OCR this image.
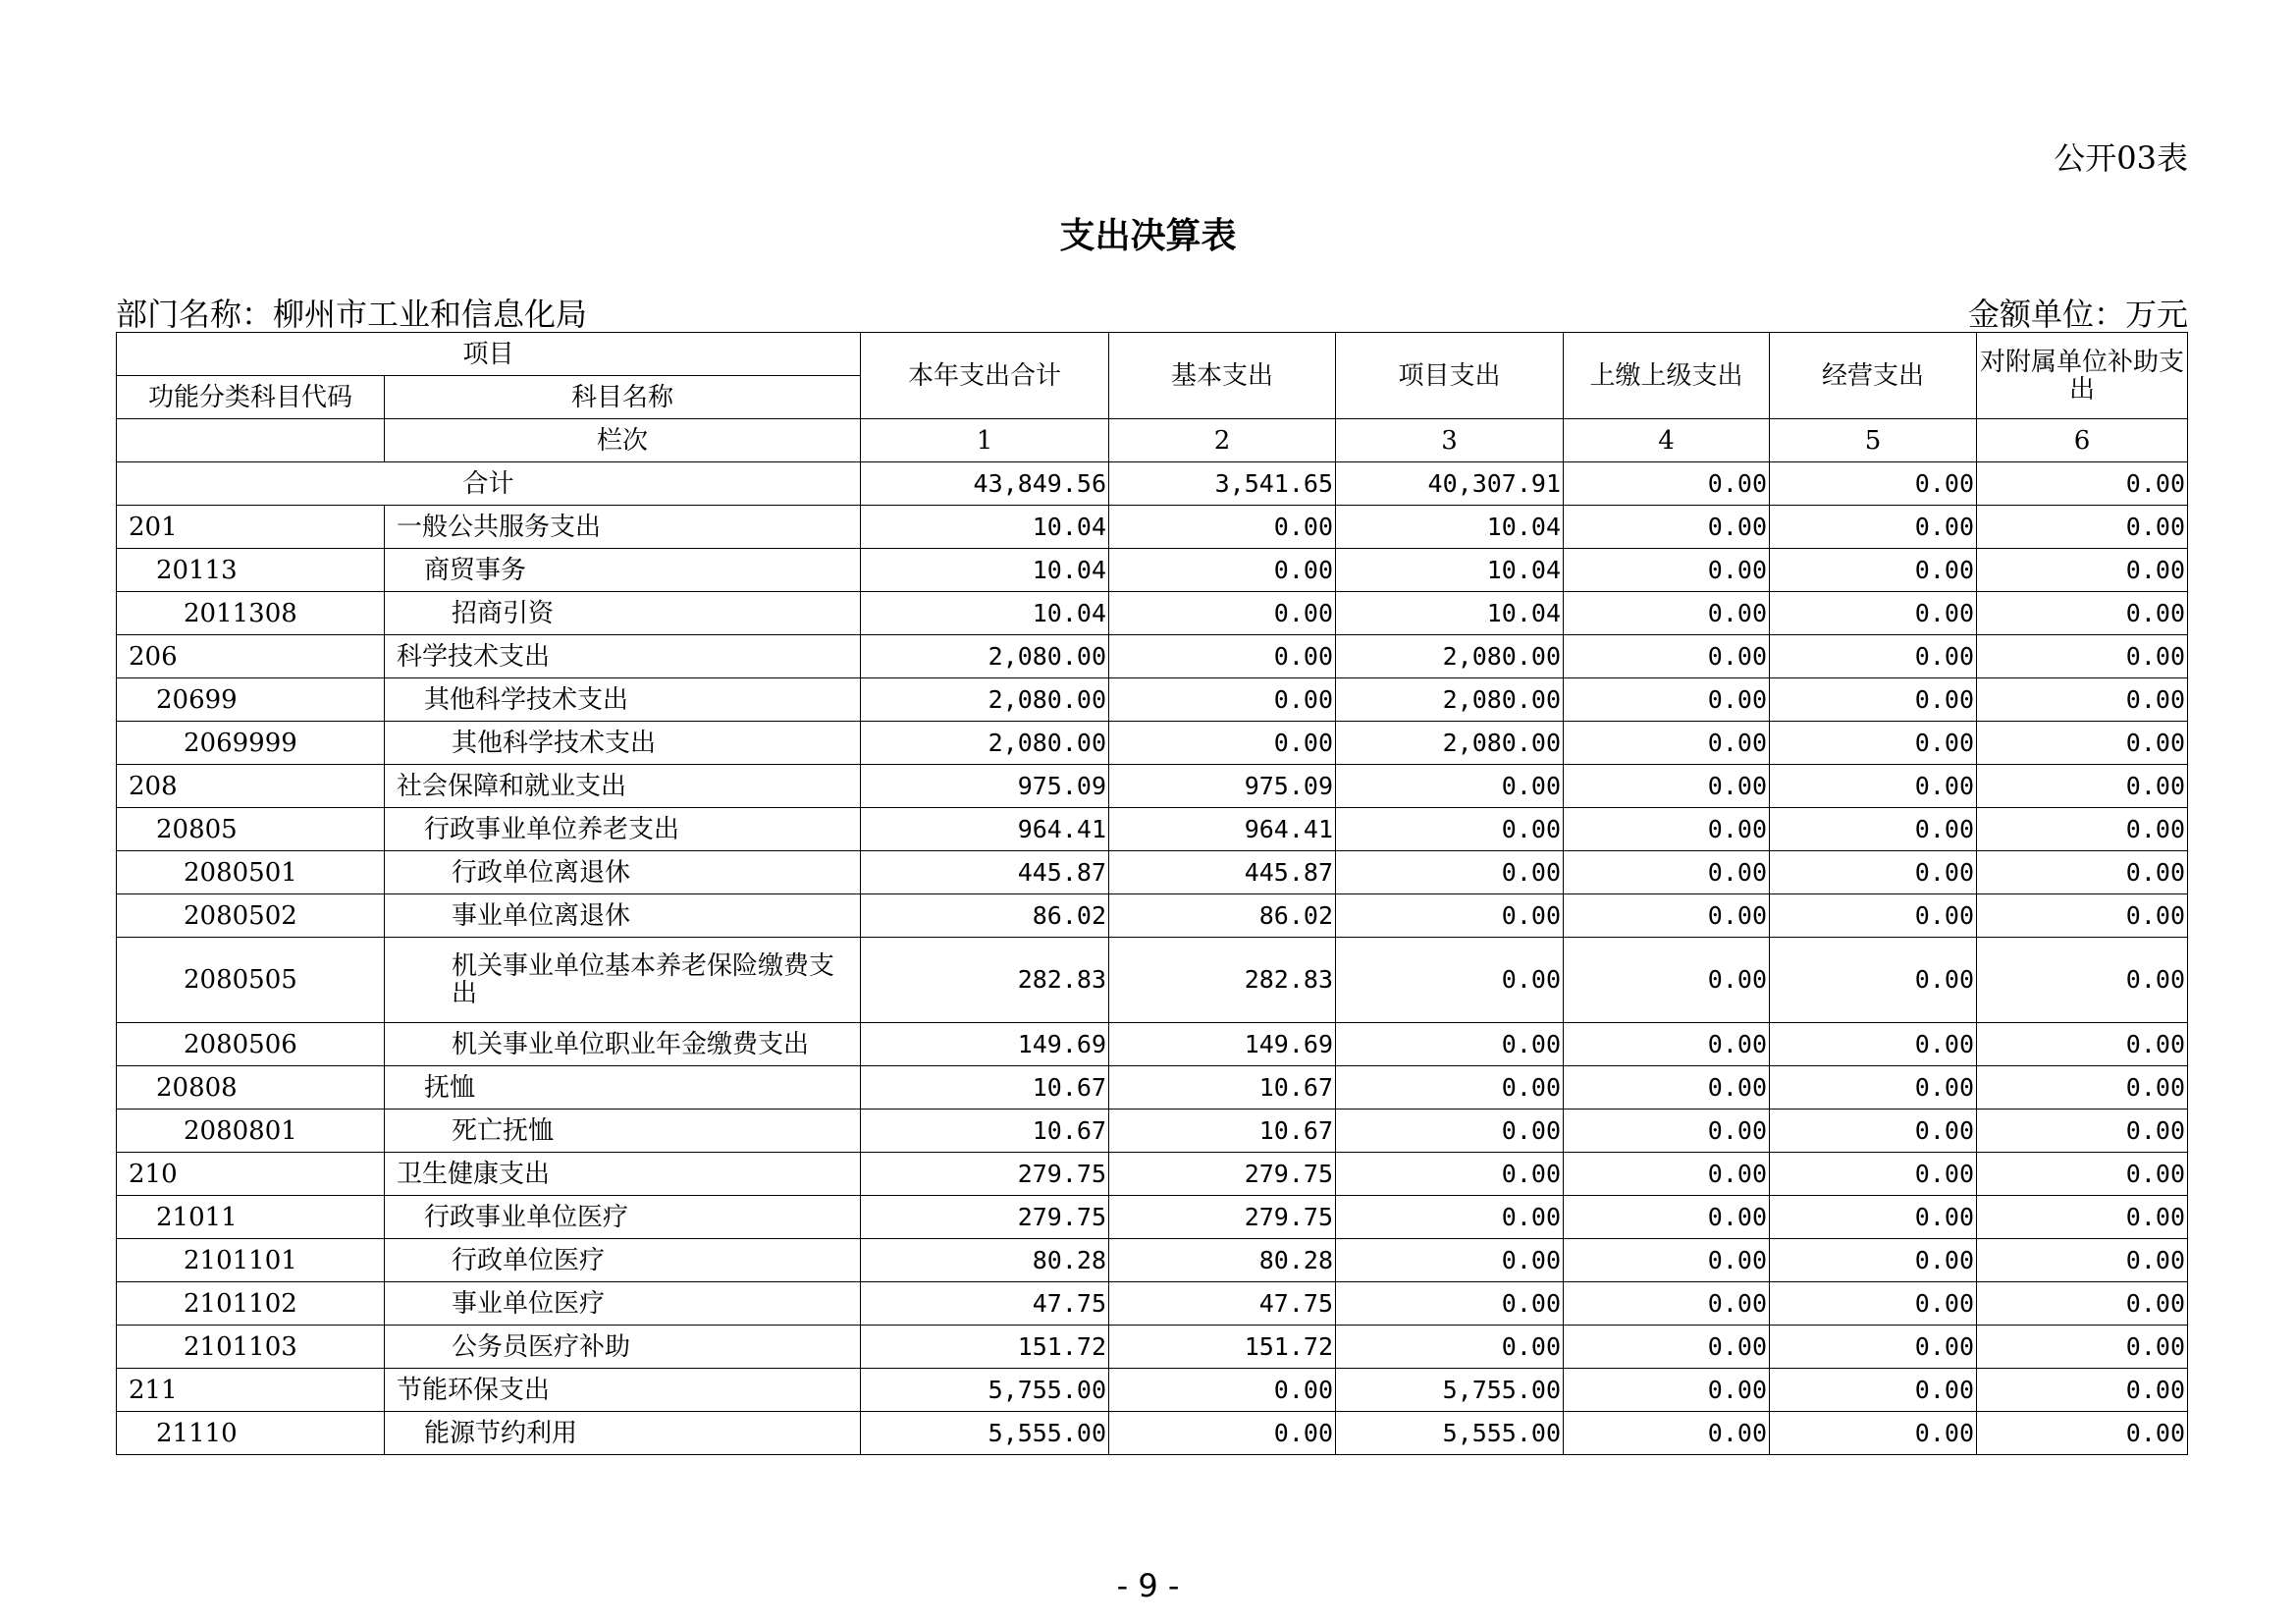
公开03表
支出决算表
部门名称：柳州市工业和信息化局	金额单位：万元
项目		本年支出合计	基本支出	项目支出	上缴上级支出	经营支出	对附属单位补助支出
功能分类科目代码	科目名称						
	栏次	1	2	3	4	5	6
合计		43,849.56	3,541.65	40,307.91	0.00	0.00	0.00
201	一般公共服务支出	10.04	0.00	10.04	0.00	0.00	0.00
20113	商贸事务	10.04	0.00	10.04	0.00	0.00	0.00
2011308	招商引资	10.04	0.00	10.04	0.00	0.00	0.00
206	科学技术支出	2,080.00	0.00	2,080.00	0.00	0.00	0.00
20699	其他科学技术支出	2,080.00	0.00	2,080.00	0.00	0.00	0.00
2069999	其他科学技术支出	2,080.00	0.00	2,080.00	0.00	0.00	0.00
208	社会保障和就业支出	975.09	975.09	0.00	0.00	0.00	0.00
20805	行政事业单位养老支出	964.41	964.41	0.00	0.00	0.00	0.00
2080501	行政单位离退休	445.87	445.87	0.00	0.00	0.00	0.00
2080502	事业单位离退休	86.02	86.02	0.00	0.00	0.00	0.00
2080505	机关事业单位基本养老保险缴费支出	282.83	282.83	0.00	0.00	0.00	0.00
2080506	机关事业单位职业年金缴费支出	149.69	149.69	0.00	0.00	0.00	0.00
20808	抚恤	10.67	10.67	0.00	0.00	0.00	0.00
2080801	死亡抚恤	10.67	10.67	0.00	0.00	0.00	0.00
210	卫生健康支出	279.75	279.75	0.00	0.00	0.00	0.00
21011	行政事业单位医疗	279.75	279.75	0.00	0.00	0.00	0.00
2101101	行政单位医疗	80.28	80.28	0.00	0.00	0.00	0.00
2101102	事业单位医疗	47.75	47.75	0.00	0.00	0.00	0.00
2101103	公务员医疗补助	151.72	151.72	0.00	0.00	0.00	0.00
211	节能环保支出	5,755.00	0.00	5,755.00	0.00	0.00	0.00
21110	能源节约利用	5,555.00	0.00	5,555.00	0.00	0.00	0.00
- 9 -
